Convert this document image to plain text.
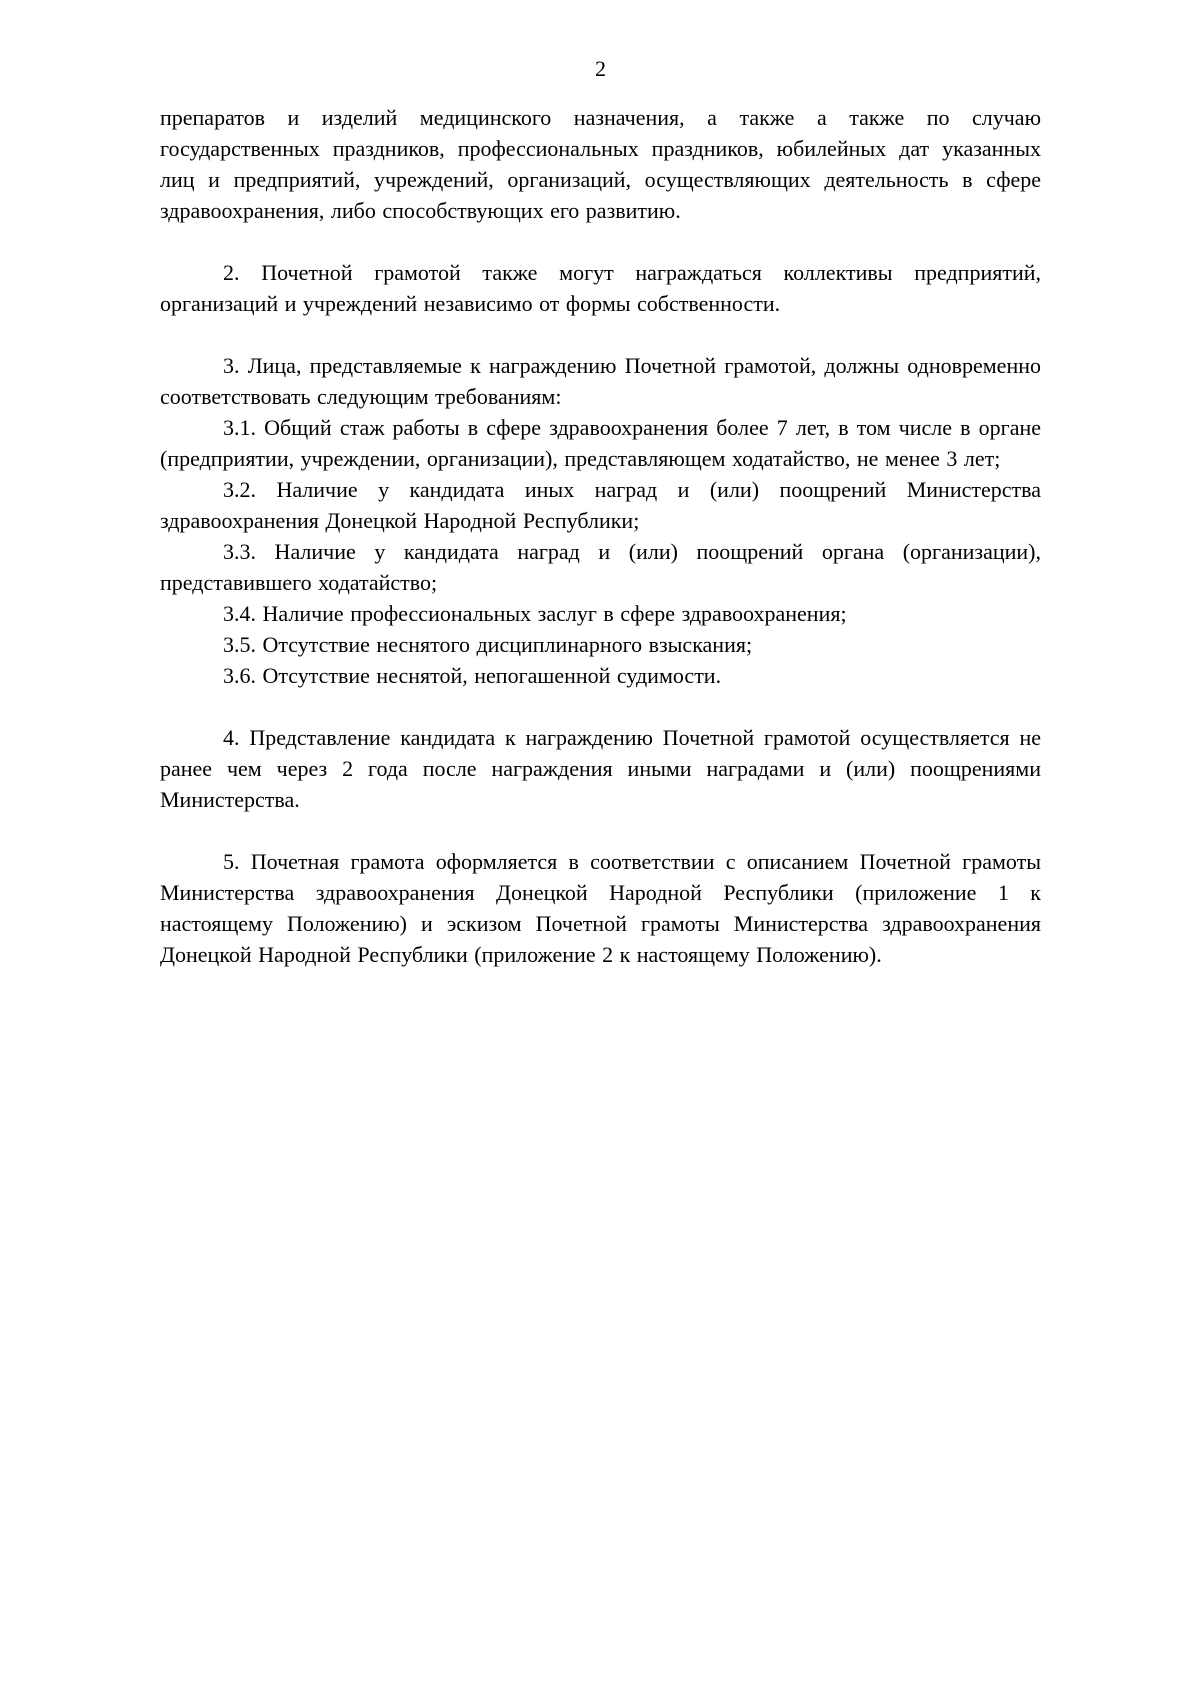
2

препаратов и изделий медицинского назначения, а также а также по случаю государственных праздников, профессиональных праздников, юбилейных дат указанных лиц и предприятий, учреждений, организаций, осуществляющих деятельность в сфере здравоохранения, либо способствующих его развитию.

2. Почетной грамотой также могут награждаться коллективы предприятий, организаций и учреждений независимо от формы собственности.

3. Лица, представляемые к награждению Почетной грамотой, должны одновременно соответствовать следующим требованиям:

3.1. Общий стаж работы в сфере здравоохранения более 7 лет, в том числе в органе (предприятии, учреждении, организации), представляющем ходатайство, не менее 3 лет;

3.2. Наличие у кандидата иных наград и (или) поощрений Министерства здравоохранения Донецкой Народной Республики;

3.3. Наличие у кандидата наград и (или) поощрений органа (организации), представившего ходатайство;

3.4. Наличие профессиональных заслуг в сфере здравоохранения;

3.5. Отсутствие неснятого дисциплинарного взыскания;

3.6. Отсутствие неснятой, непогашенной судимости.

4. Представление кандидата к награждению Почетной грамотой осуществляется не ранее чем через 2 года после награждения иными наградами и (или) поощрениями Министерства.

5. Почетная грамота оформляется в соответствии с описанием Почетной грамоты Министерства здравоохранения Донецкой Народной Республики (приложение 1 к настоящему Положению) и эскизом Почетной грамоты Министерства здравоохранения Донецкой Народной Республики (приложение 2 к настоящему Положению).
